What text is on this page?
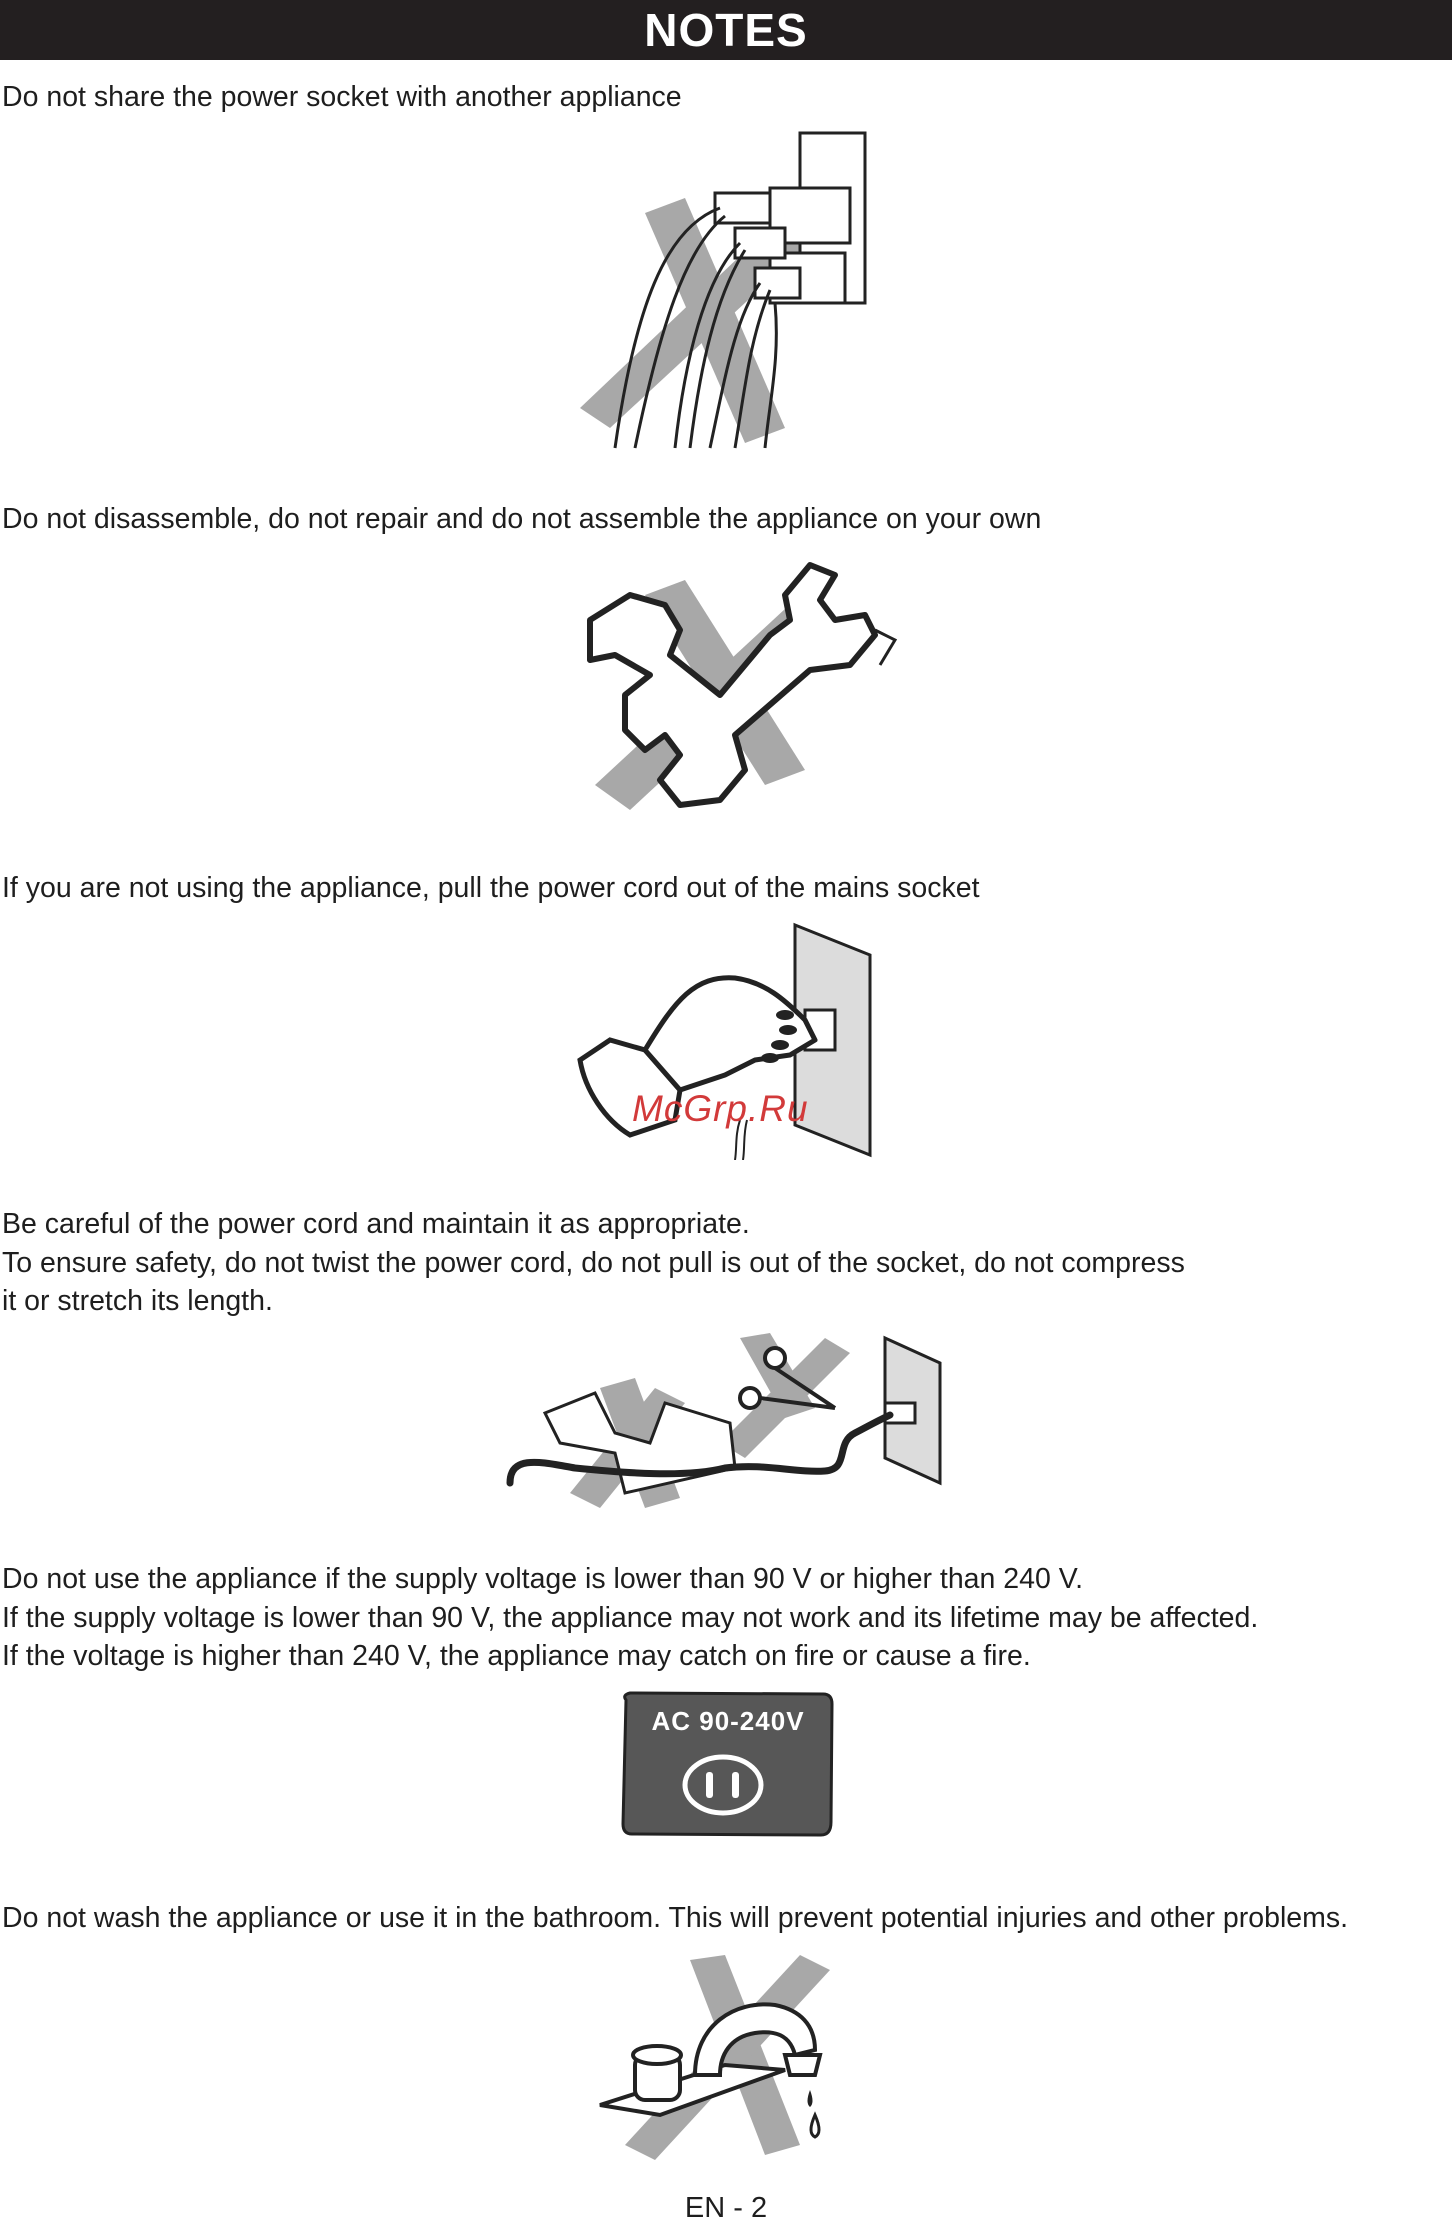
NOTES
Do not share the power socket with another appliance
Do not disassemble, do not repair and do not assemble the appliance on your own
If you are not using the appliance, pull the power cord out of the mains socket
McGrp.Ru
Be careful of the power cord and maintain it as appropriate.
To ensure safety, do not twist the power cord, do not pull is out of the socket, do not compress
it or stretch its length.
Do not use the appliance if the supply voltage is lower than 90 V or higher than 240 V.
If the supply voltage is lower than 90 V, the appliance may not work and its lifetime may be affected.
If the voltage is higher than 240 V, the appliance may catch on fire or cause a fire.
AC 90-240V
Do not wash the appliance or use it in the bathroom. This will prevent potential injuries and other problems.
EN - 2
